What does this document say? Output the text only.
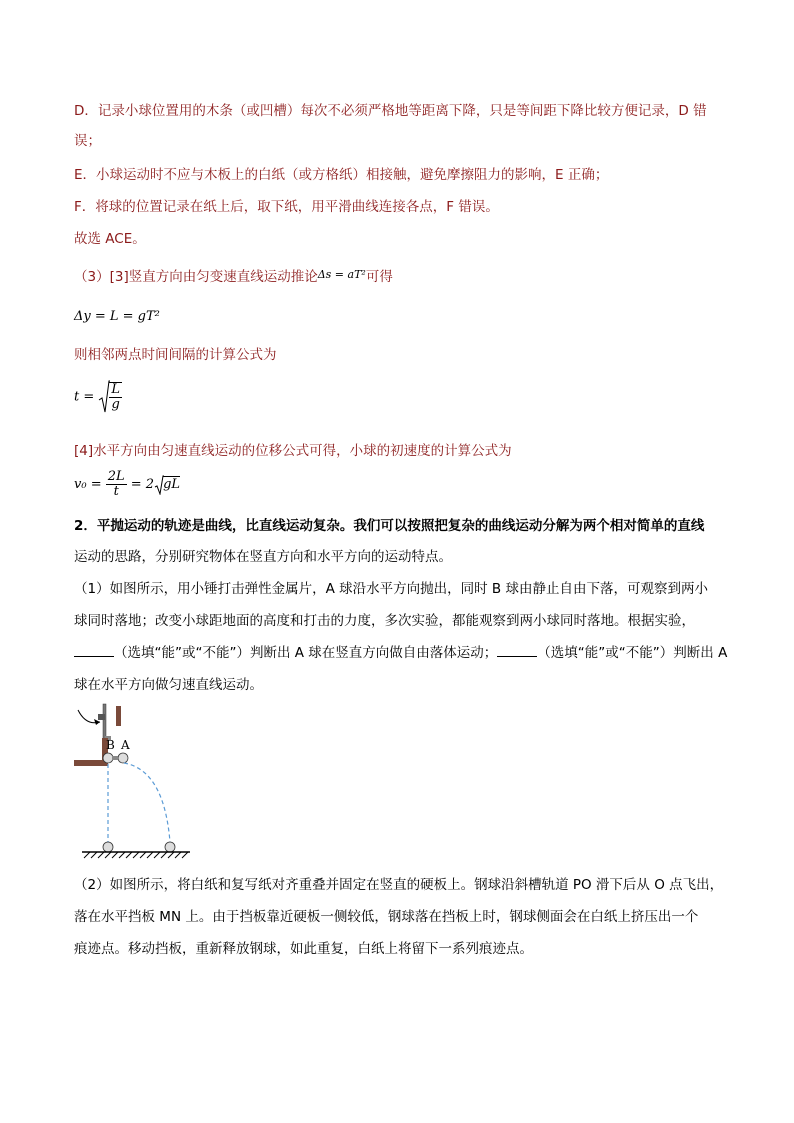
D．记录小球位置用的木条（或凹槽）每次不必须严格地等距离下降，只是等间距下降比较方便记录，D 错
误；
E．小球运动时不应与木板上的白纸（或方格纸）相接触，避免摩擦阻力的影响，E 正确；
F．将球的位置记录在纸上后，取下纸，用平滑曲线连接各点，F 错误。
故选 ACE。
（3）[3]竖直方向由匀变速直线运动推论$^{\Delta s = aT^2}$可得
Δy = L = gT²
则相邻两点时间间隔的计算公式为
$t = \frac{L}{g}$
[4]水平方向由匀速直线运动的位移公式可得，小球的初速度的计算公式为
$v_0 = \frac{2L}{t} = 2$ gL
2．平抛运动的轨迹是曲线，比直线运动复杂。我们可以按照把复杂的曲线运动分解为两个相对简单的直线
运动的思路，分别研究物体在竖直方向和水平方向的运动特点。
（1）如图所示，用小锤打击弹性金属片，A 球沿水平方向抛出，同时 B 球由静止自由下落，可观察到两小
球同时落地；改变小球距地面的高度和打击的力度，多次实验，都能观察到两小球同时落地。根据实验，
（选填“能”或“不能”）判断出 A 球在竖直方向做自由落体运动；	（选填“能”或“不能”）判断出 A
球在水平方向做匀速直线运动。
B A
（2）如图所示，将白纸和复写纸对齐重叠并固定在竖直的硬板上。钢球沿斜槽轨道 PO 滑下后从 O 点飞出，
落在水平挡板 MN 上。由于挡板靠近硬板一侧较低，钢球落在挡板上时，钢球侧面会在白纸上挤压出一个
痕迹点。移动挡板，重新释放钢球，如此重复，白纸上将留下一系列痕迹点。
